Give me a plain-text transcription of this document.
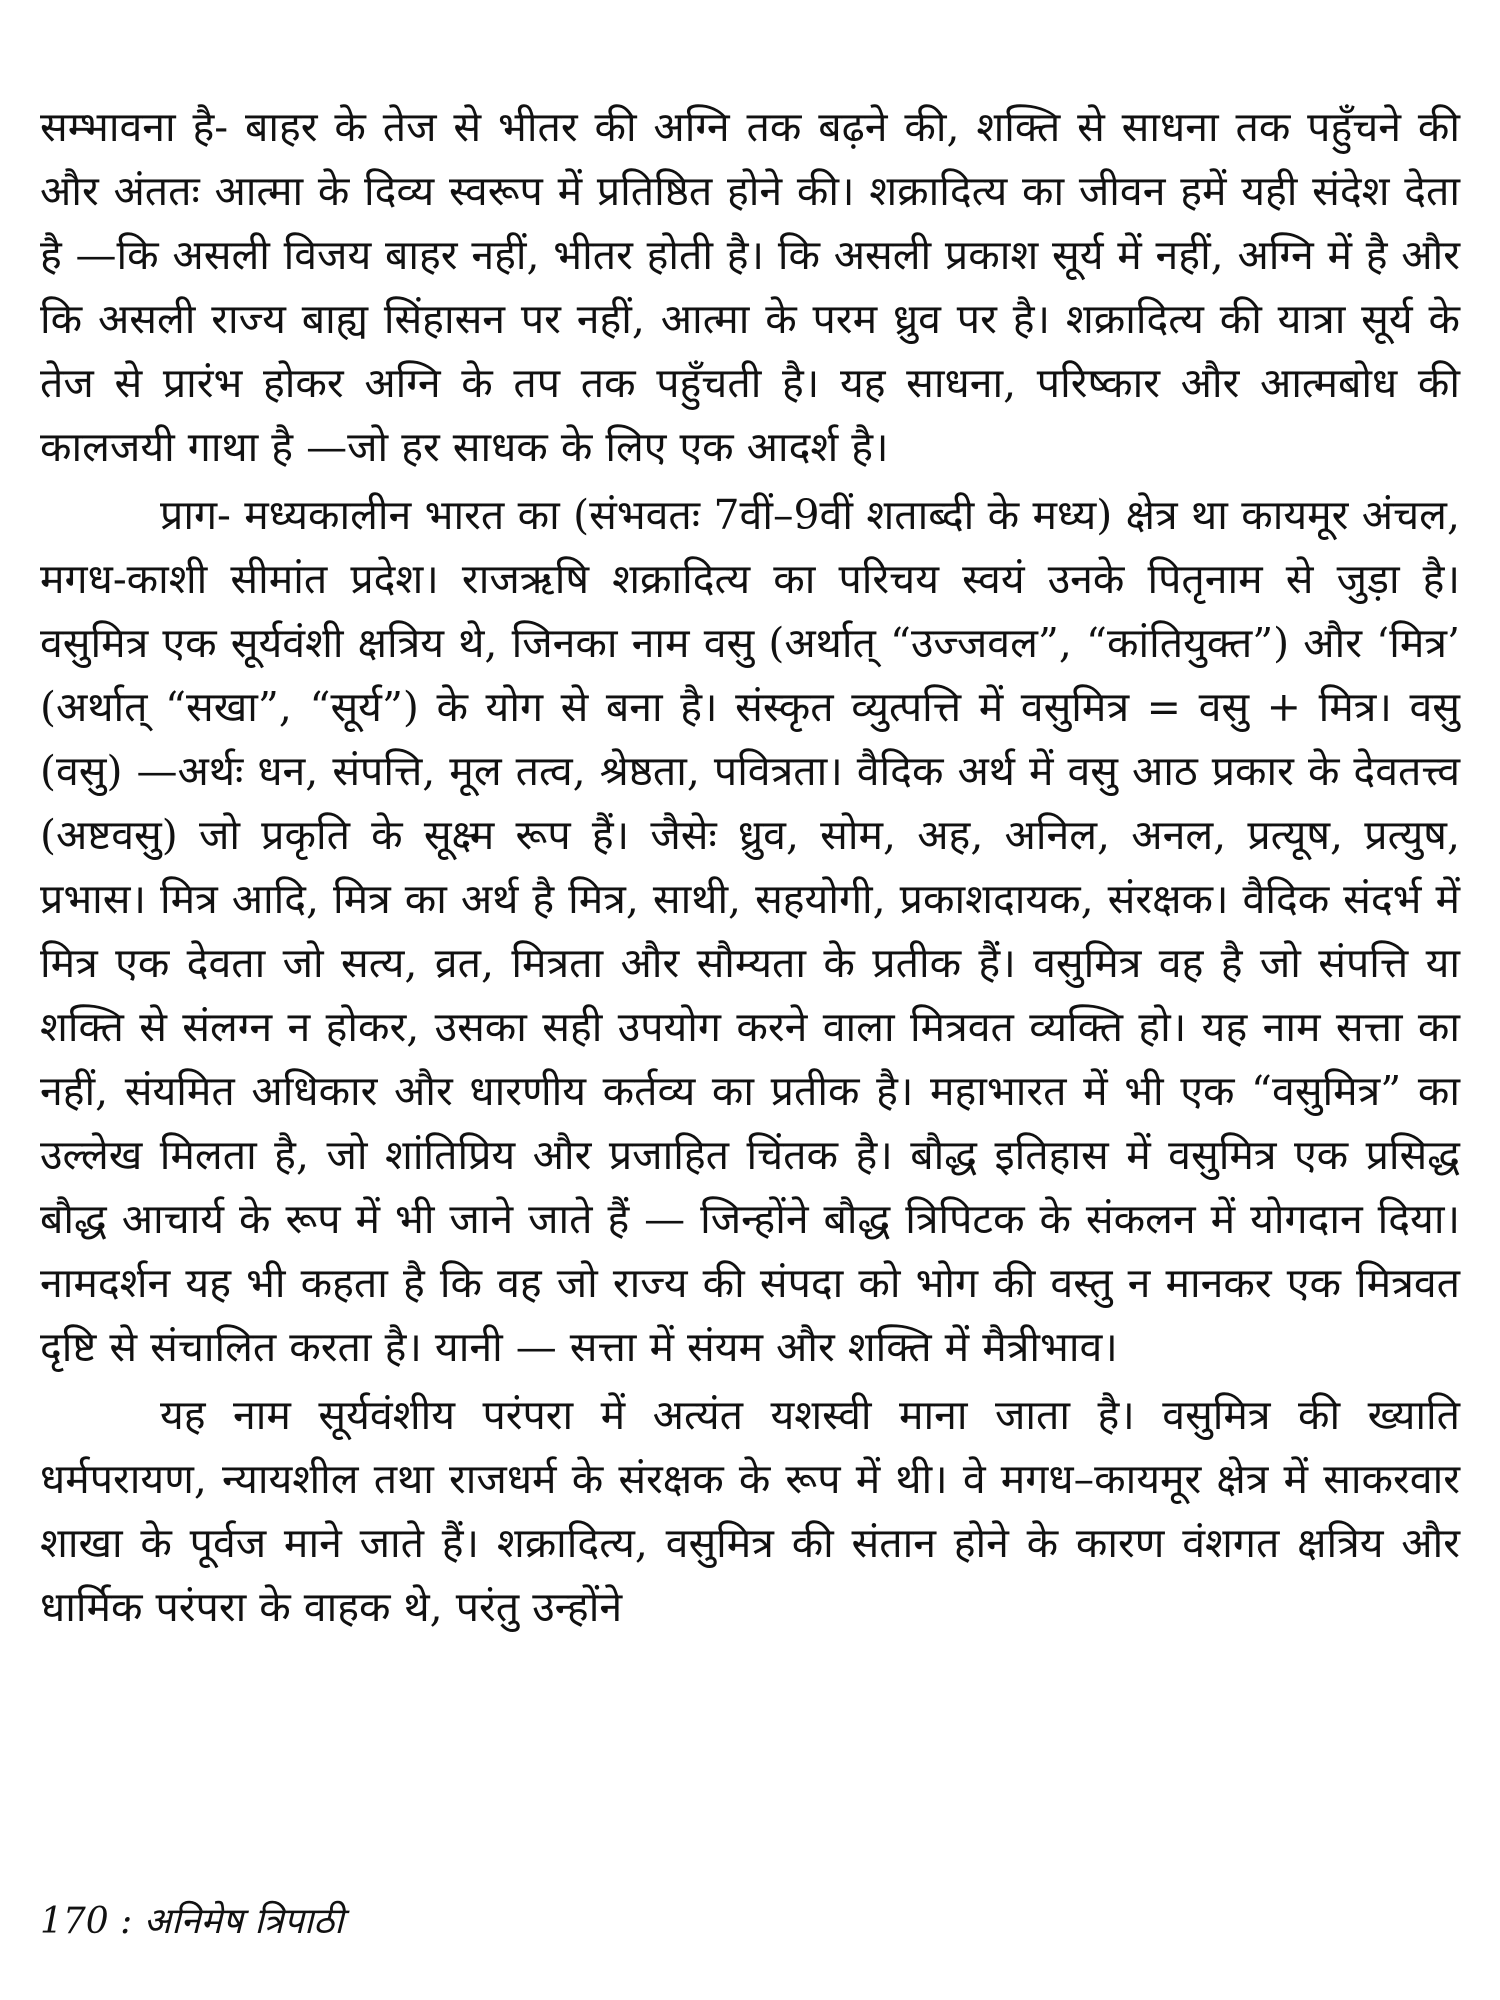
सम्भावना है- बाहर के तेज से भीतर की अग्नि तक बढ़ने की, शक्ति से साधना तक पहुँचने की और अंततः आत्मा के दिव्य स्वरूप में प्रतिष्ठित होने की। शक्रादित्य का जीवन हमें यही संदेश देता है —कि असली विजय बाहर नहीं, भीतर होती है। कि असली प्रकाश सूर्य में नहीं, अग्नि में है और कि असली राज्य बाह्य सिंहासन पर नहीं, आत्मा के परम ध्रुव पर है। शक्रादित्य की यात्रा सूर्य के तेज से प्रारंभ होकर अग्नि के तप तक पहुँचती है। यह साधना, परिष्कार और आत्मबोध की कालजयी गाथा है —जो हर साधक के लिए एक आदर्श है।

प्राग- मध्यकालीन भारत का (संभवतः 7वीं–9वीं शताब्दी के मध्य) क्षेत्र था कायमूर अंचल, मगध-काशी सीमांत प्रदेश। राजऋषि शक्रादित्य का परिचय स्वयं उनके पितृनाम से जुड़ा है। वसुमित्र एक सूर्यवंशी क्षत्रिय थे, जिनका नाम वसु (अर्थात् “उज्जवल”, “कांतियुक्त”) और ‘मित्र’ (अर्थात् “सखा”, “सूर्य”) के योग से बना है। संस्कृत व्युत्पत्ति में वसुमित्र = वसु + मित्र। वसु (वसु) —अर्थः धन, संपत्ति, मूल तत्व, श्रेष्ठता, पवित्रता। वैदिक अर्थ में वसु आठ प्रकार के देवतत्त्व (अष्टवसु) जो प्रकृति के सूक्ष्म रूप हैं। जैसेः ध्रुव, सोम, अह, अनिल, अनल, प्रत्यूष, प्रत्युष, प्रभास। मित्र आदि, मित्र का अर्थ है मित्र, साथी, सहयोगी, प्रकाशदायक, संरक्षक। वैदिक संदर्भ में मित्र एक देवता जो सत्य, व्रत, मित्रता और सौम्यता के प्रतीक हैं। वसुमित्र वह है जो संपत्ति या शक्ति से संलग्न न होकर, उसका सही उपयोग करने वाला मित्रवत व्यक्ति हो। यह नाम सत्ता का नहीं, संयमित अधिकार और धारणीय कर्तव्य का प्रतीक है। महाभारत में भी एक “वसुमित्र” का उल्लेख मिलता है, जो शांतिप्रिय और प्रजाहित चिंतक है। बौद्ध इतिहास में वसुमित्र एक प्रसिद्ध बौद्ध आचार्य के रूप में भी जाने जाते हैं — जिन्होंने बौद्ध त्रिपिटक के संकलन में योगदान दिया। नामदर्शन यह भी कहता है कि वह जो राज्य की संपदा को भोग की वस्तु न मानकर एक मित्रवत दृष्टि से संचालित करता है। यानी — सत्ता में संयम और शक्ति में मैत्रीभाव।

यह नाम सूर्यवंशीय परंपरा में अत्यंत यशस्वी माना जाता है। वसुमित्र की ख्याति धर्मपरायण, न्यायशील तथा राजधर्म के संरक्षक के रूप में थी। वे मगध–कायमूर क्षेत्र में साकरवार शाखा के पूर्वज माने जाते हैं। शक्रादित्य, वसुमित्र की संतान होने के कारण वंशगत क्षत्रिय और धार्मिक परंपरा के वाहक थे, परंतु उन्होंने

170 : अनिमेष त्रिपाठी
